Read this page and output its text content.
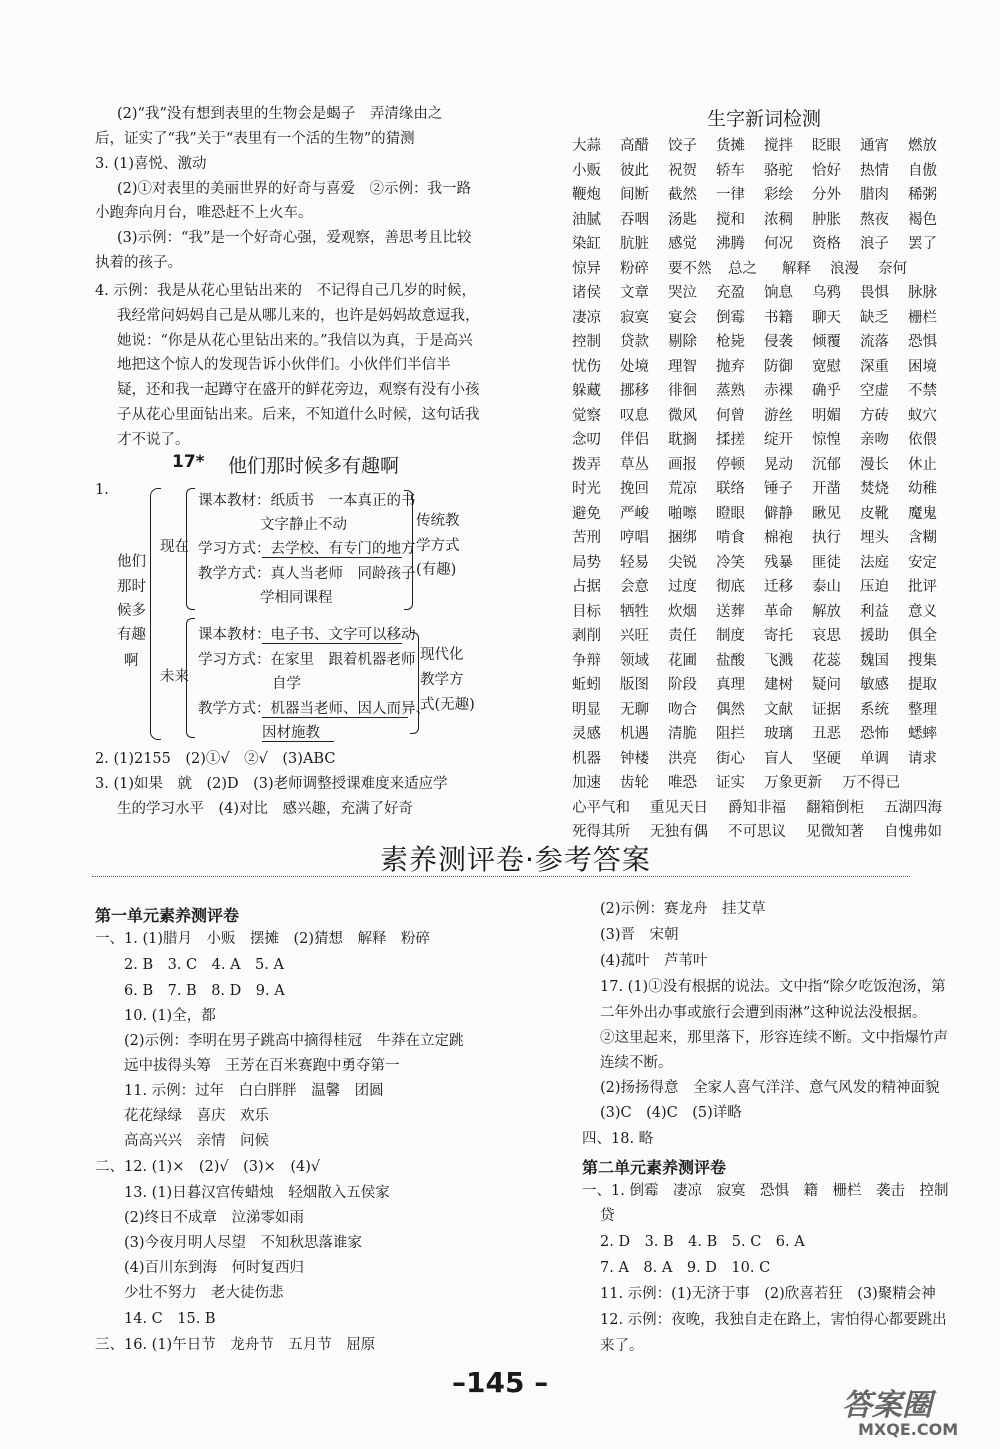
(2)“我”没有想到表里的生物会是蝎子　弄清缘由之
后，证实了“我”关于“表里有一个活的生物”的猜测
3. (1)喜悦、激动
(2)①对表里的美丽世界的好奇与喜爱　②示例：我一路
小跑奔向月台，唯恐赶不上火车。
(3)示例：“我”是一个好奇心强，爱观察，善思考且比较
执着的孩子。
4. 示例：我是从花心里钻出来的　不记得自己几岁的时候，
我经常问妈妈自己是从哪儿来的，也许是妈妈故意逗我，
她说：“你是从花心里钻出来的。”我信以为真，于是高兴
地把这个惊人的发现告诉小伙伴们。小伙伴们半信半
疑，还和我一起蹲守在盛开的鲜花旁边，观察有没有小孩
子从花心里面钻出来。后来，不知道什么时候，这句话我
才不说了。
17* 他们那时候多有趣啊
1.
他们
那时
候多
有趣
啊
现在
课本教材：纸质书　一本真正的书
文字静止不动
学习方式：去学校、有专门的地方
教学方式：真人当老师　同龄孩子
学相同课程
传统教
学方式
(有趣)
未来
课本教材：电子书、文字可以移动
学习方式：在家里　跟着机器老师
自学
教学方式：机器当老师、因人而异、
因材施教
现代化
教学方
式(无趣)
2. (1)2155　(2)①√　②√　(3)ABC
3. (1)如果　就　(2)D　(3)老师调整授课难度来适应学
生的学习水平　(4)对比　感兴趣，充满了好奇
生字新词检测
大蒜 高醋 饺子 货摊 搅拌 眨眼 通宵 燃放
小贩 彼此 祝贺 轿车 骆驼 恰好 热情 自傲
鞭炮 间断 截然 一律 彩绘 分外 腊肉 稀粥
油腻 吞咽 汤匙 搅和 浓稠 肿胀 熬夜 褐色
染缸 肮脏 感觉 沸腾 何况 资格 浪子 罢了
惊异 粉碎 要不然 总之 解释 浪漫 奈何
诸侯 文章 哭泣 充盈 饷息 乌鸦 畏惧 脉脉
凄凉 寂寞 宴会 倒霉 书籍 聊天 缺乏 栅栏
控制 贷款 剔除 枪毙 侵袭 倾覆 流落 恐惧
忧伤 处境 理智 抛弃 防御 宽慰 深重 困境
躲藏 挪移 徘徊 蒸熟 赤裸 确乎 空虚 不禁
觉察 叹息 微风 何曾 游丝 明媚 方砖 蚁穴
念叨 伴侣 耽搁 揉搓 绽开 惊惶 亲吻 依偎
拨弄 草丛 画报 停顿 晃动 沉郁 漫长 休止
时光 挽回 荒凉 联络 锤子 开凿 焚烧 幼稚
避免 严峻 啪嚓 瞪眼 僻静 瞅见 皮靴 魔鬼
苦刑 哼唱 捆绑 啃食 棉袍 执行 埋头 含糊
局势 轻易 尖锐 冷笑 残暴 匪徒 法庭 安定
占据 会意 过度 彻底 迁移 泰山 压迫 批评
目标 牺牲 炊烟 送葬 革命 解放 利益 意义
剥削 兴旺 责任 制度 寄托 哀思 援助 俱全
争辩 领域 花圃 盐酸 飞溅 花蕊 魏国 搜集
蚯蚓 版图 阶段 真理 建树 疑问 敏感 提取
明显 无聊 吻合 偶然 文献 证据 系统 整理
灵感 机遇 清脆 阻拦 玻璃 丑恶 恐怖 蟋蟀
机器 钟楼 洪亮 街心 盲人 坚硬 单调 请求
加速 齿轮 唯恐 证实 万象更新 万不得已
心平气和 重见天日 爵知非福 翻箱倒柜 五湖四海
死得其所 无独有偶 不可思议 见微知著 自愧弗如
素养测评卷·参考答案
第一单元素养测评卷
一、1. (1)腊月　小贩　摆摊　(2)猜想　解释　粉碎
2. B　3. C　4. A　5. A
6. B　7. B　8. D　9. A
10. (1)全，都
(2)示例：李明在男子跳高中摘得桂冠　牛莽在立定跳
远中拔得头筹　王芳在百米赛跑中勇夺第一
11. 示例：过年　白白胖胖　温馨　团圆
花花绿绿　喜庆　欢乐
高高兴兴　亲情　问候
二、12. (1)×　(2)√　(3)×　(4)√
13. (1)日暮汉宫传蜡烛　轻烟散入五侯家
(2)终日不成章　泣涕零如雨
(3)今夜月明人尽望　不知秋思落谁家
(4)百川东到海　何时复西归
少壮不努力　老大徒伤悲
14. C　15. B
三、16. (1)午日节　龙舟节　五月节　屈原
(2)示例：赛龙舟　挂艾草
(3)晋　宋朝
(4)菰叶　芦苇叶
17. (1)①没有根据的说法。文中指“除夕吃饭泡汤，第
二年外出办事或旅行会遭到雨淋”这种说法没根据。
②这里起来，那里落下，形容连续不断。文中指爆竹声
连续不断。
(2)扬扬得意　全家人喜气洋洋、意气风发的精神面貌
(3)C　(4)C　(5)详略
四、18. 略
第二单元素养测评卷
一、1. 倒霉　凄凉　寂寞　恐惧　籍　栅栏　袭击　控制
贷
2. D　3. B　4. B　5. C　6. A
7. A　8. A　9. D　10. C
11. 示例：(1)无济于事　(2)欣喜若狂　(3)聚精会神
12. 示例：夜晚，我独自走在路上，害怕得心都要跳出
来了。
–145 –
答案圈
MXQE.COM
